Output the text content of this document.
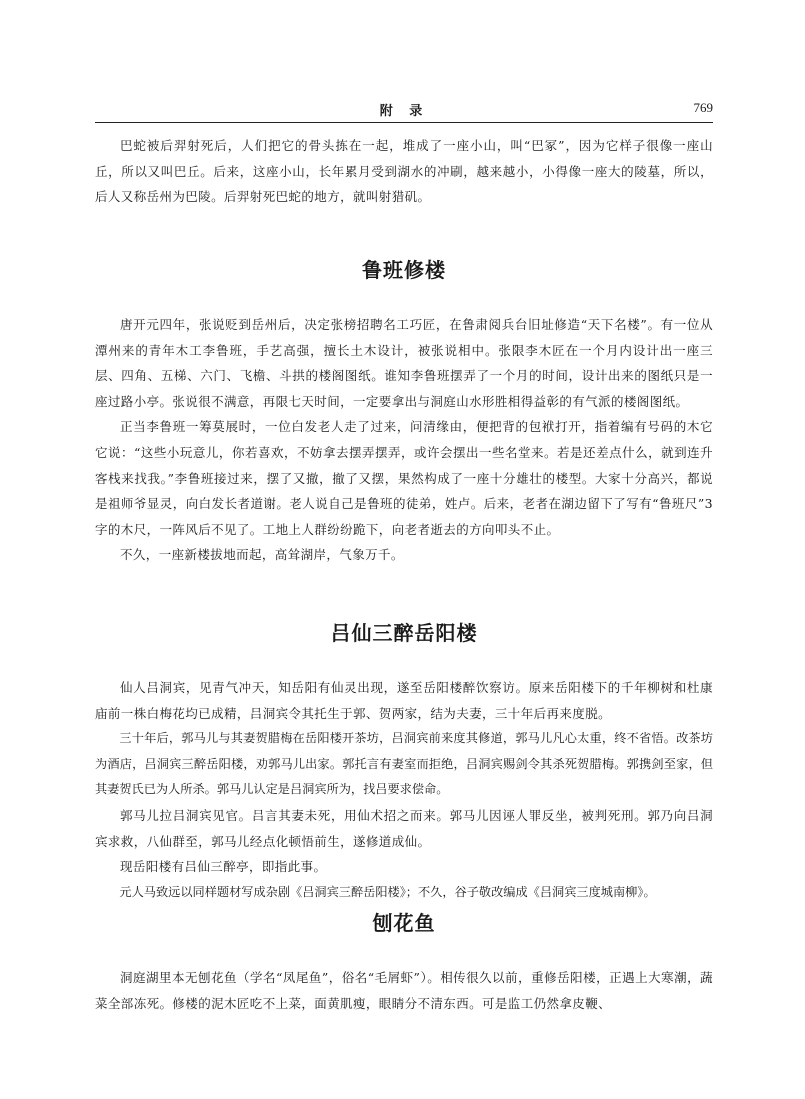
附 录	769

巴蛇被后羿射死后，人们把它的骨头拣在一起，堆成了一座小山，叫“巴冢”，因为它样子很像一座山丘，所以又叫巴丘。后来，这座小山，长年累月受到湖水的冲刷，越来越小，小得像一座大的陵墓，所以，后人又称岳州为巴陵。后羿射死巴蛇的地方，就叫射猎矶。

鲁班修楼

唐开元四年，张说贬到岳州后，决定张榜招聘名工巧匠，在鲁肃阅兵台旧址修造“天下名楼”。有一位从潭州来的青年木工李鲁班，手艺高强，擅长土木设计，被张说相中。张限李木匠在一个月内设计出一座三层、四角、五梯、六门、飞檐、斗拱的楼阁图纸。谁知李鲁班摆弄了一个月的时间，设计出来的图纸只是一座过路小亭。张说很不满意，再限七天时间，一定要拿出与洞庭山水形胜相得益彰的有气派的楼阁图纸。

正当李鲁班一筹莫展时，一位白发老人走了过来，问清缘由，便把背的包袱打开，指着编有号码的木它它说：“这些小玩意儿，你若喜欢，不妨拿去摆弄摆弄，或许会摆出一些名堂来。若是还差点什么，就到连升客栈来找我。”李鲁班接过来，摆了又撤，撤了又摆，果然构成了一座十分雄壮的楼型。大家十分高兴，都说是祖师爷显灵，向白发长者道谢。老人说自己是鲁班的徒弟，姓卢。后来，老者在湖边留下了写有“鲁班尺”3字的木尺，一阵风后不见了。工地上人群纷纷跪下，向老者逝去的方向叩头不止。

不久，一座新楼拔地而起，高耸湖岸，气象万千。

吕仙三醉岳阳楼

仙人吕洞宾，见青气冲天，知岳阳有仙灵出现，遂至岳阳楼醉饮察访。原来岳阳楼下的千年柳树和杜康庙前一株白梅花均已成精，吕洞宾令其托生于郭、贺两家，结为夫妻，三十年后再来度脱。

三十年后，郭马儿与其妻贺腊梅在岳阳楼开茶坊，吕洞宾前来度其修道，郭马儿凡心太重，终不省悟。改茶坊为酒店，吕洞宾三醉岳阳楼，劝郭马儿出家。郭托言有妻室而拒绝，吕洞宾赐剑令其杀死贺腊梅。郭携剑至家，但其妻贺氏已为人所杀。郭马儿认定是吕洞宾所为，找吕要求偿命。

郭马儿拉吕洞宾见官。吕言其妻未死，用仙术招之而来。郭马儿因诬人罪反坐，被判死刑。郭乃向吕洞宾求救，八仙群至，郭马儿经点化顿悟前生，遂修道成仙。

现岳阳楼有吕仙三醉亭，即指此事。

元人马致远以同样题材写成杂剧《吕洞宾三醉岳阳楼》；不久，谷子敬改编成《吕洞宾三度城南柳》。

刨花鱼

洞庭湖里本无刨花鱼（学名“凤尾鱼”，俗名“毛屑虾”）。相传很久以前，重修岳阳楼，正遇上大寒潮，蔬菜全部冻死。修楼的泥木匠吃不上菜，面黄肌瘦，眼睛分不清东西。可是监工仍然拿皮鞭、
